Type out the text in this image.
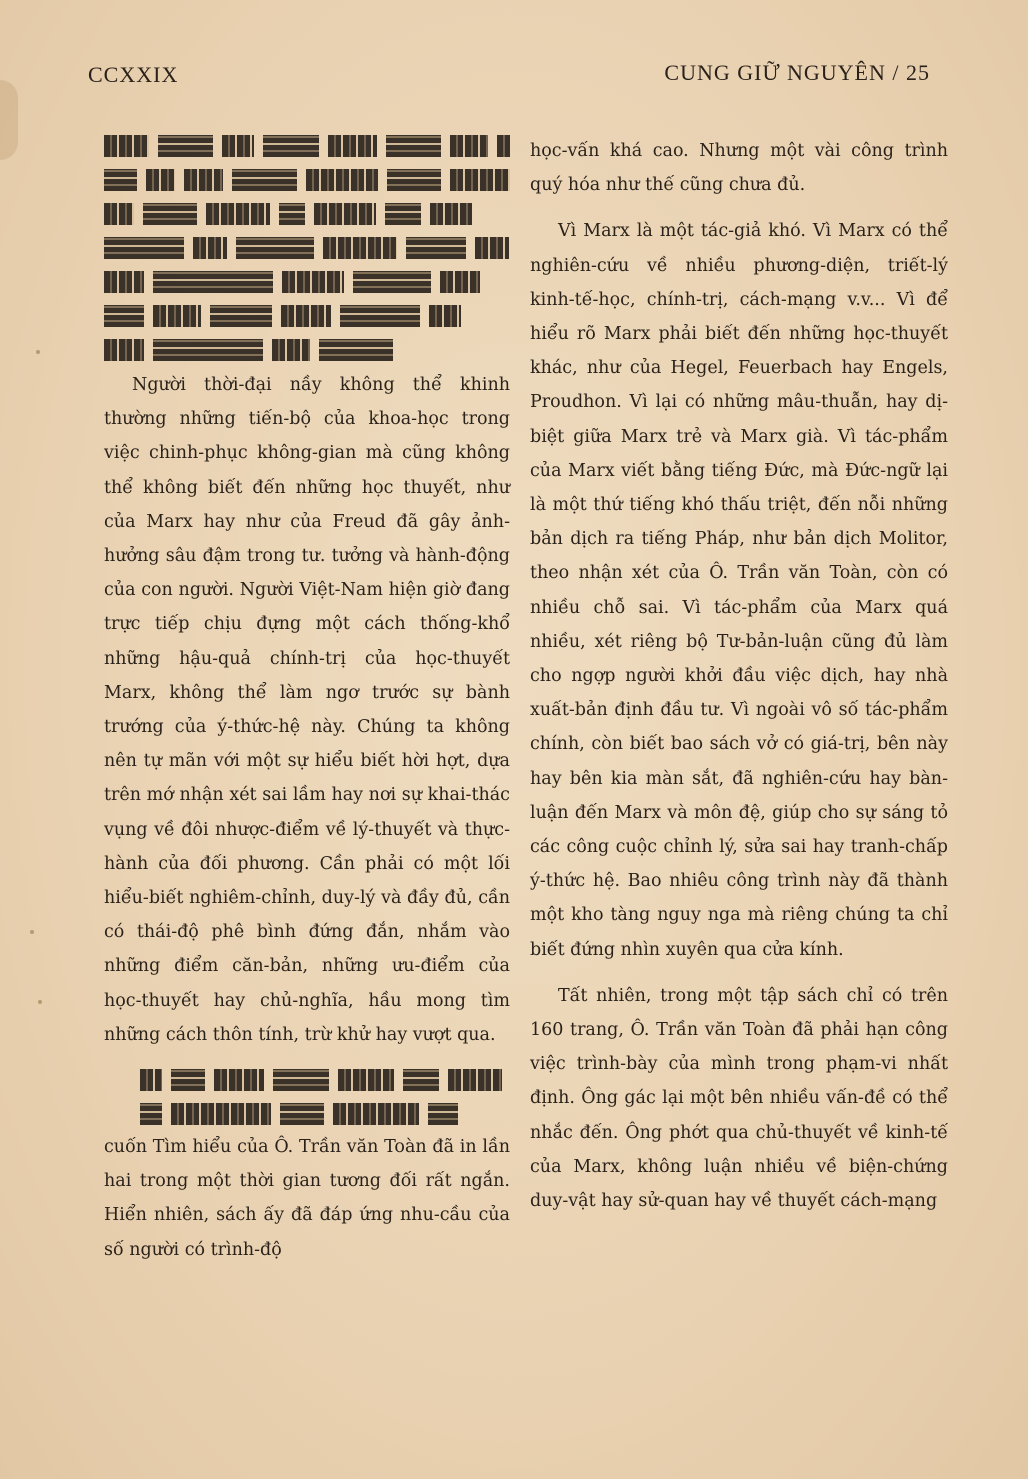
CCXXIX	CUNG GIỮ NGUYÊN / 25

Người thời-đại nầy không thể khinh thường những tiến-bộ của khoa-học trong việc chinh-phục không-gian mà cũng không thể không biết đến những học thuyết, như của Marx hay như của Freud đã gây ảnh-hưởng sâu đậm trong tư. tưởng và hành-động của con người. Người Việt-Nam hiện giờ đang trực tiếp chịu đựng một cách thống-khổ những hậu-quả chính-trị của học-thuyết Marx, không thể làm ngơ trước sự bành trướng của ý-thức-hệ này. Chúng ta không nên tự mãn với một sự hiểu biết hời hợt, dựa trên mớ nhận xét sai lầm hay nơi sự khai-thác vụng về đôi nhược-điểm về lý-thuyết và thực-hành của đối phương. Cần phải có một lối hiểu-biết nghiêm-chỉnh, duy-lý và đầy đủ, cần có thái-độ phê bình đứng đắn, nhắm vào những điểm căn-bản, những ưu-điểm của học-thuyết hay chủ-nghĩa, hầu mong tìm những cách thôn tính, trừ khử hay vượt qua.

cuốn Tìm hiểu của Ô. Trần văn Toàn đã in lần hai trong một thời gian tương đối rất ngắn. Hiển nhiên, sách ấy đã đáp ứng nhu-cầu của số người có trình-độ

học-vấn khá cao. Nhưng một vài công trình quý hóa như thế cũng chưa đủ.

Vì Marx là một tác-giả khó. Vì Marx có thể nghiên-cứu về nhiều phương-diện, triết-lý kinh-tế-học, chính-trị, cách-mạng v.v... Vì để hiểu rõ Marx phải biết đến những học-thuyết khác, như của Hegel, Feuerbach hay Engels, Proudhon. Vì lại có những mâu-thuẫn, hay dị-biệt giữa Marx trẻ và Marx già. Vì tác-phẩm của Marx viết bằng tiếng Đức, mà Đức-ngữ lại là một thứ tiếng khó thấu triệt, đến nỗi những bản dịch ra tiếng Pháp, như bản dịch Molitor, theo nhận xét của Ô. Trần văn Toàn, còn có nhiều chỗ sai. Vì tác-phẩm của Marx quá nhiều, xét riêng bộ Tư-bản-luận cũng đủ làm cho ngợp người khởi đầu việc dịch, hay nhà xuất-bản định đầu tư. Vì ngoài vô số tác-phẩm chính, còn biết bao sách vở có giá-trị, bên này hay bên kia màn sắt, đã nghiên-cứu hay bàn-luận đến Marx và môn đệ, giúp cho sự sáng tỏ các công cuộc chỉnh lý, sửa sai hay tranh-chấp ý-thức hệ. Bao nhiêu công trình này đã thành một kho tàng nguy nga mà riêng chúng ta chỉ biết đứng nhìn xuyên qua cửa kính.

Tất nhiên, trong một tập sách chỉ có trên 160 trang, Ô. Trần văn Toàn đã phải hạn công việc trình-bày của mình trong phạm-vi nhất định. Ông gác lại một bên nhiều vấn-đề có thể nhắc đến. Ông phớt qua chủ-thuyết về kinh-tế của Marx, không luận nhiều về biện-chứng duy-vật hay sử-quan hay về thuyết cách-mạng
